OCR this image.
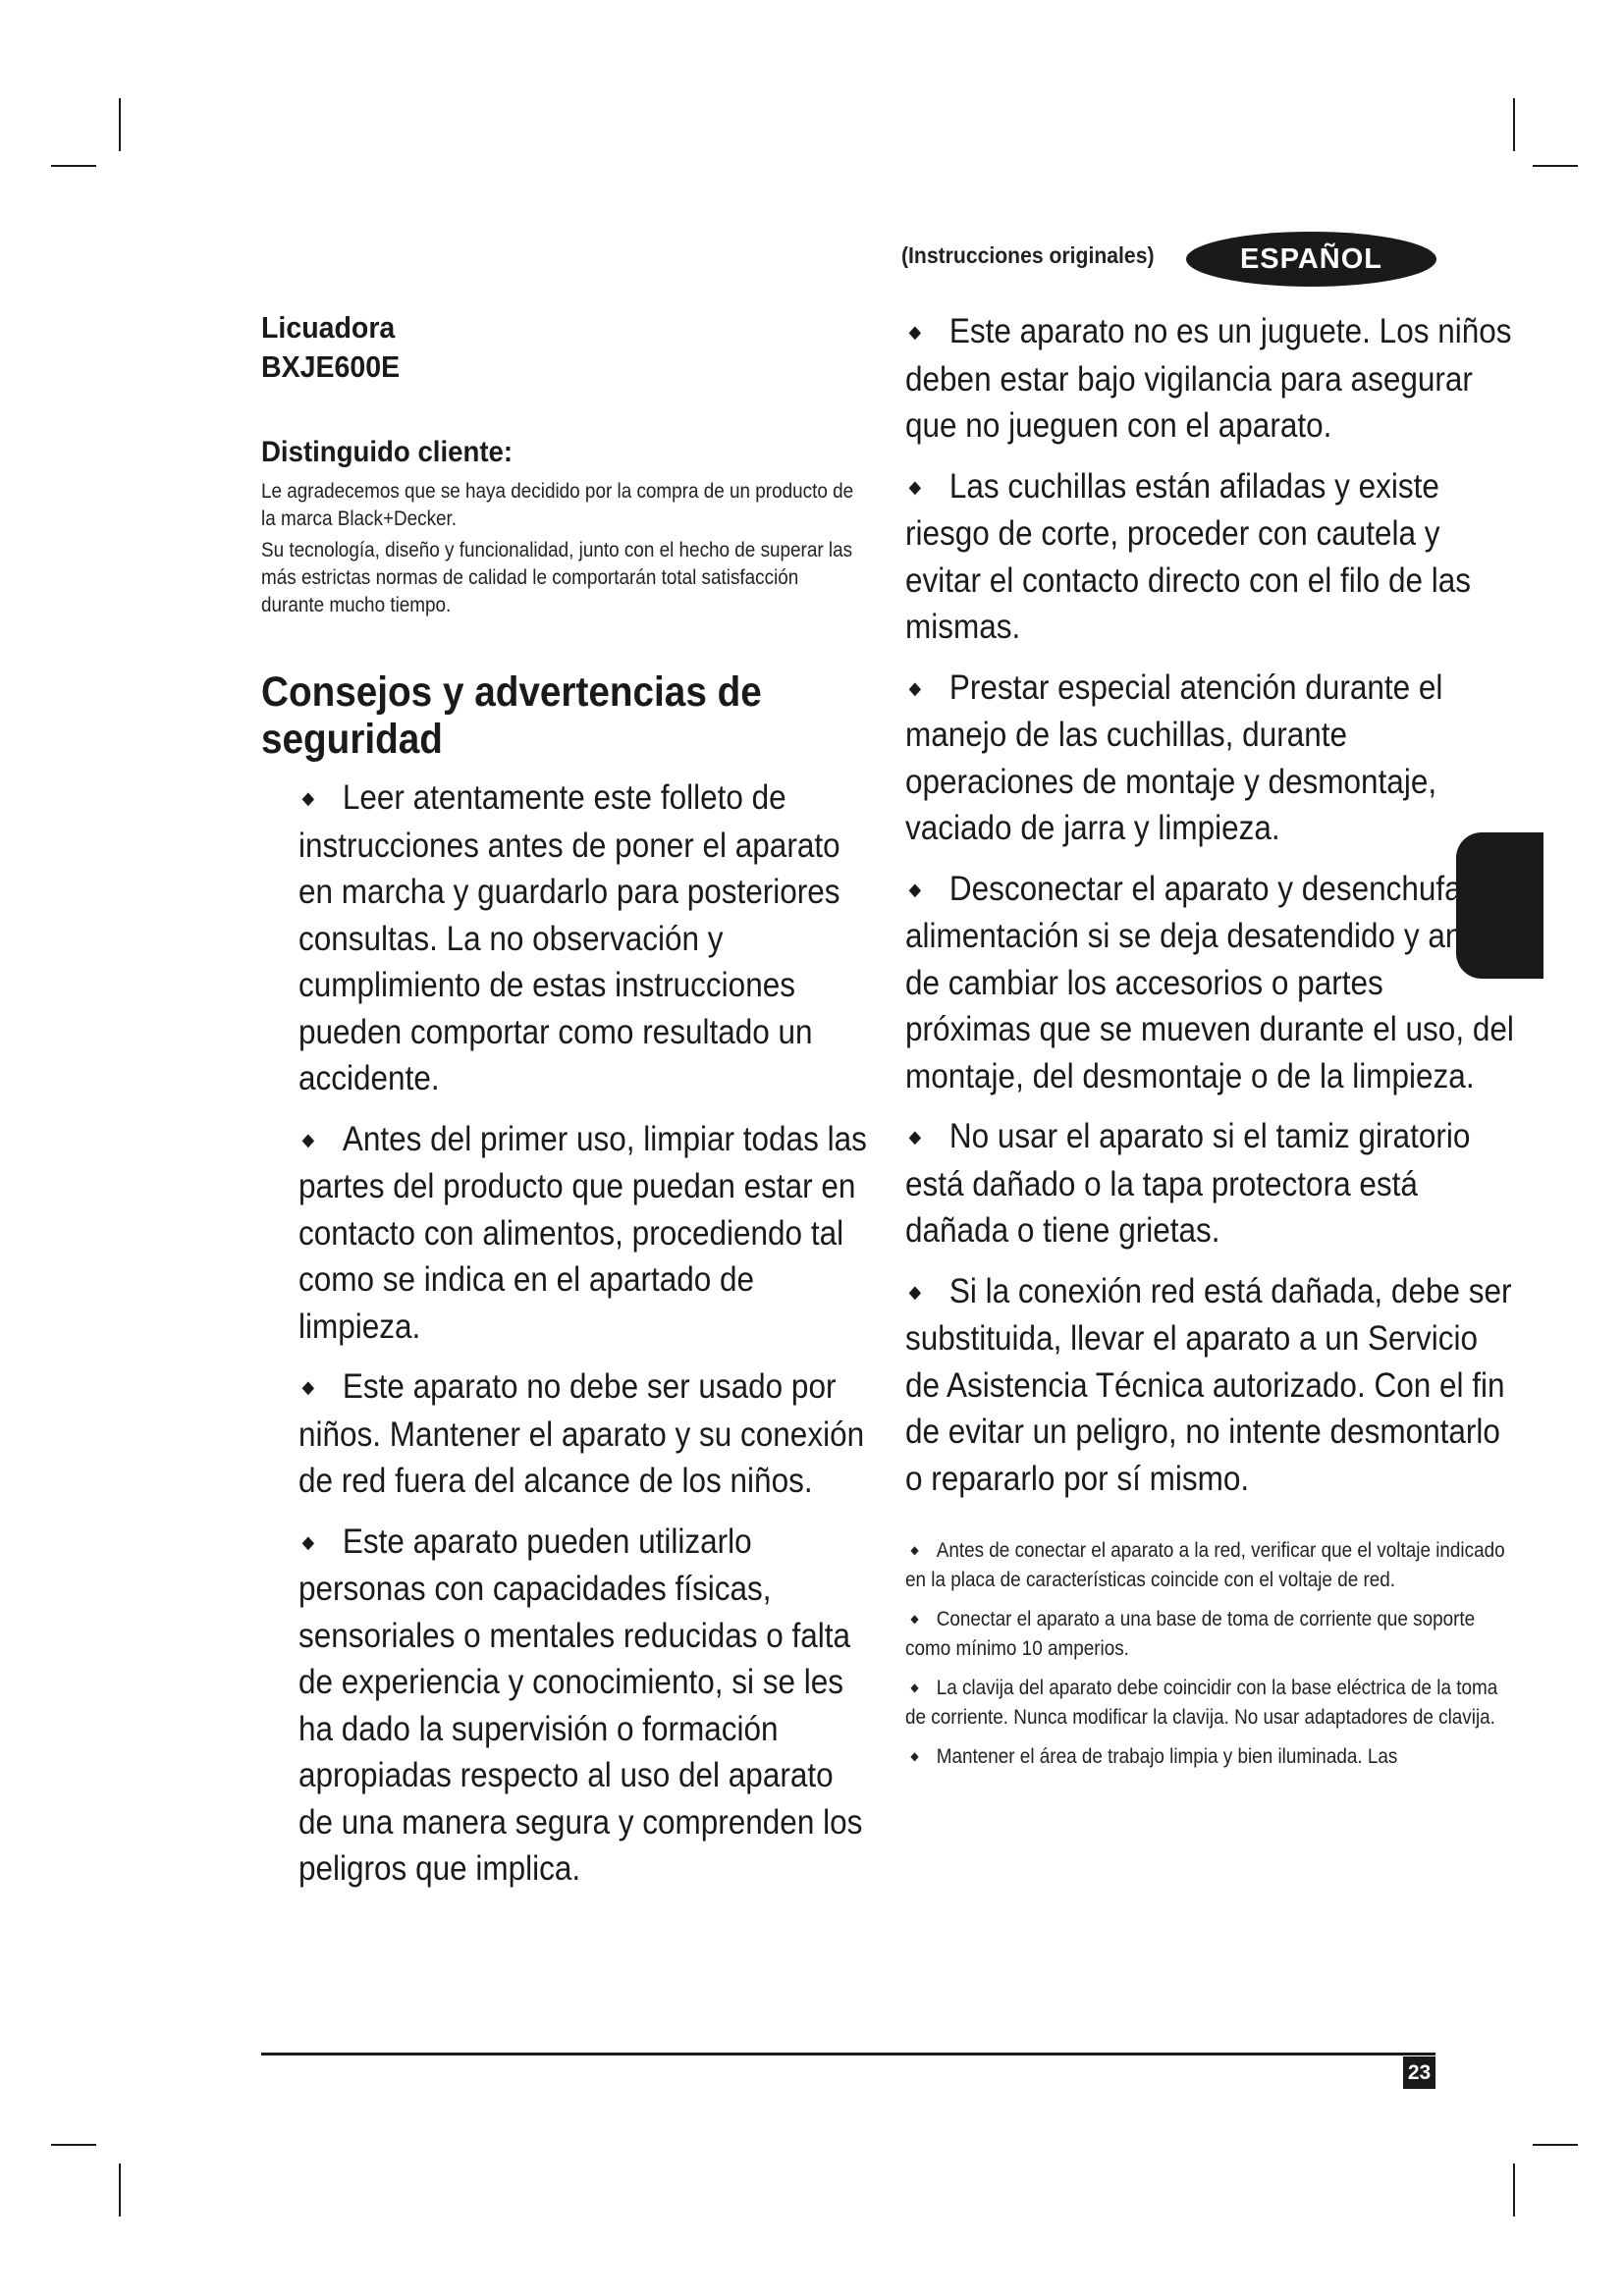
(Instrucciones originales)	ESPAÑOL
Licuadora
BXJE600E
Distinguido cliente:

Le agradecemos que se haya decidido por la compra de un producto de la marca Black+Decker.

Su tecnología, diseño y funcionalidad, junto con el hecho de superar las más estrictas normas de calidad le comportarán total satisfacción durante mucho tiempo.

Consejos y advertencias de seguridad
◆ Leer atentamente este folleto de instrucciones antes de poner el aparato en marcha y guardarlo para posteriores consultas. La no observación y cumplimiento de estas instrucciones pueden comportar como resultado un accidente.
◆ Antes del primer uso, limpiar todas las partes del producto que puedan estar en contacto con alimentos, procediendo tal como se indica en el apartado de limpieza.
◆ Este aparato no debe ser usado por niños. Mantener el aparato y su conexión de red fuera del alcance de los niños.
◆ Este aparato pueden utilizarlo personas con capacidades físicas, sensoriales o mentales reducidas o falta de experiencia y conocimiento, si se les ha dado la supervisión o formación apropiadas respecto al uso del aparato de una manera segura y comprenden los peligros que implica.
◆ Este aparato no es un juguete. Los niños deben estar bajo vigilancia para asegurar que no jueguen con el aparato.
◆ Las cuchillas están afiladas y existe riesgo de corte, proceder con cautela y evitar el contacto directo con el filo de las mismas.
◆ Prestar especial atención durante el manejo de las cuchillas, durante operaciones de montaje y desmontaje, vaciado de jarra y limpieza.
◆ Desconectar el aparato y desenchufar la alimentación si se deja desatendido y antes de cambiar los accesorios o partes próximas que se mueven durante el uso, del montaje, del desmontaje o de la limpieza.
◆ No usar el aparato si el tamiz giratorio está dañado o la tapa protectora está dañada o tiene grietas.
◆ Si la conexión red está dañada, debe ser substituida, llevar el aparato a un Servicio de Asistencia Técnica autorizado. Con el fin de evitar un peligro, no intente desmontarlo o repararlo por sí mismo.
◆ Antes de conectar el aparato a la red, verificar que el voltaje indicado en la placa de características coincide con el voltaje de red.
◆ Conectar el aparato a una base de toma de corriente que soporte como mínimo 10 amperios.
◆ La clavija del aparato debe coincidir con la base eléctrica de la toma de corriente. Nunca modificar la clavija. No usar adaptadores de clavija.
◆ Mantener el área de trabajo limpia y bien iluminada. Las
23
